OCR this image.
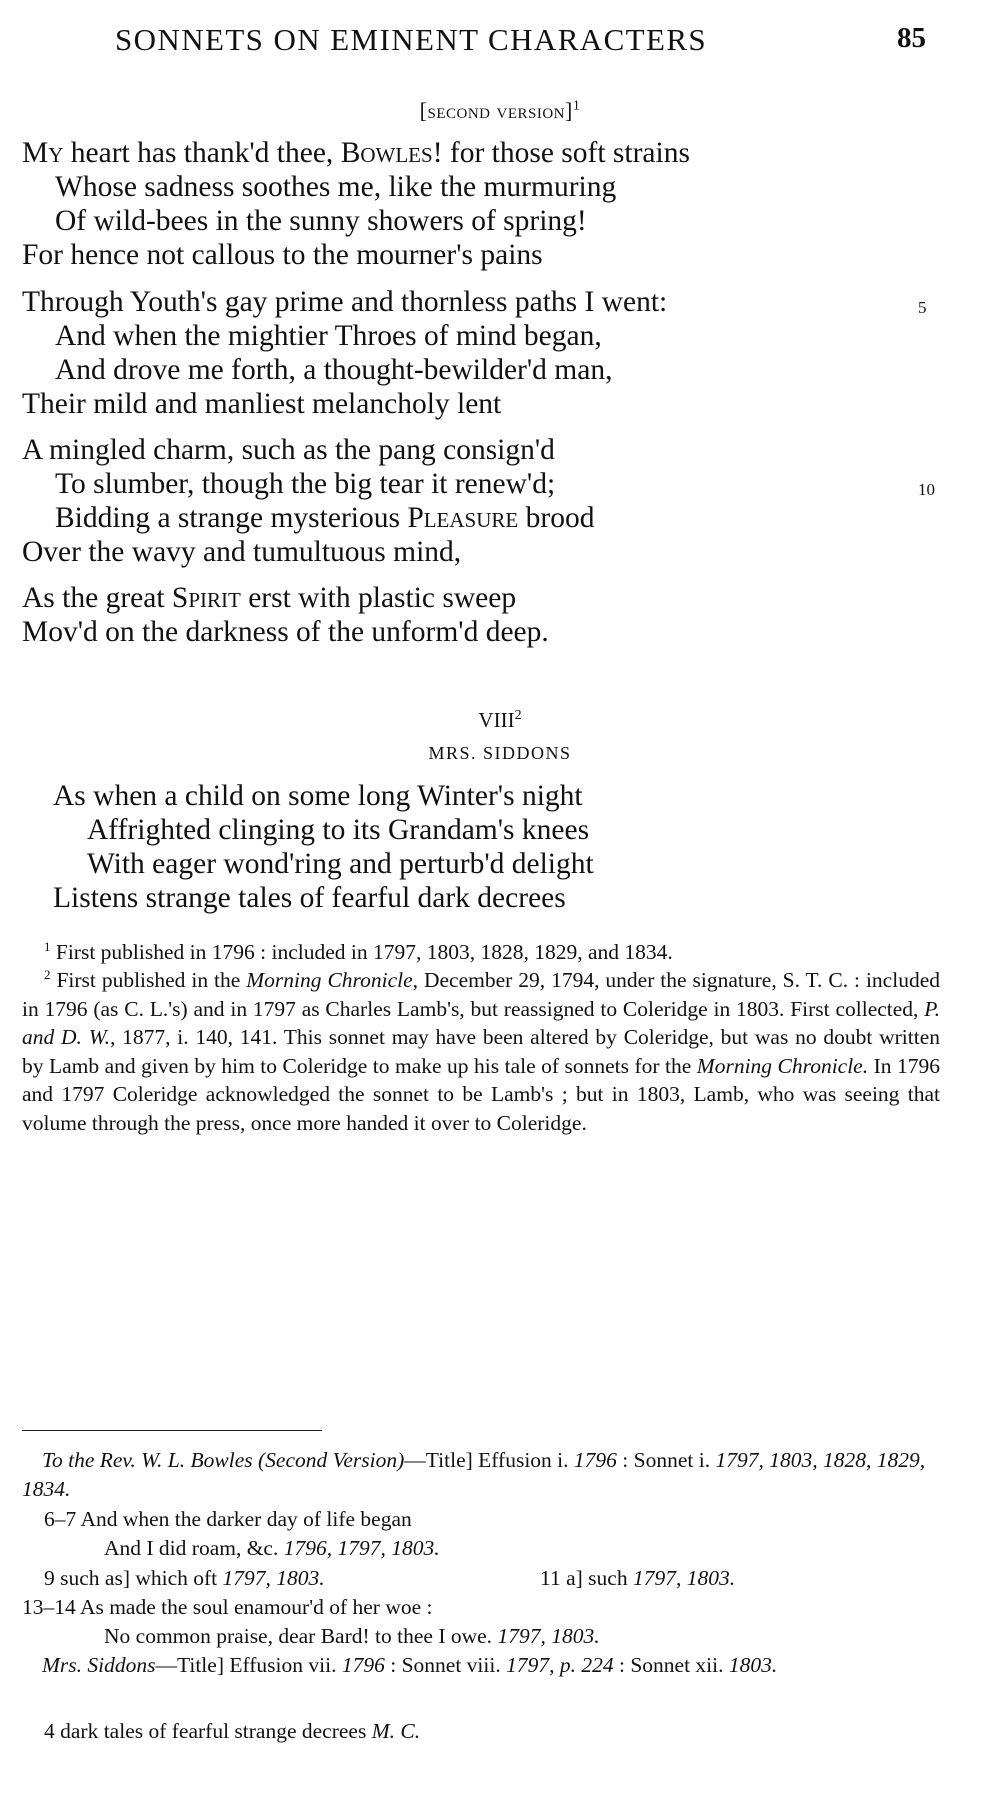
SONNETS ON EMINENT CHARACTERS	85
[second version]$^1$
My heart has thank'd thee, Bowles! for those soft strains
Whose sadness soothes me, like the murmuring
Of wild-bees in the sunny showers of spring!
For hence not callous to the mourner's pains
Through Youth's gay prime and thornless paths I went:	5
And when the mightier Throes of mind began,
And drove me forth, a thought-bewilder'd man,
Their mild and manliest melancholy lent
A mingled charm, such as the pang consign'd
To slumber, though the big tear it renew'd;	10
Bidding a strange mysterious Pleasure brood
Over the wavy and tumultuous mind,
As the great Spirit erst with plastic sweep
Mov'd on the darkness of the unform'd deep.
VIII$^2$
MRS. SIDDONS
As when a child on some long Winter's night
Affrighted clinging to its Grandam's knees
With eager wond'ring and perturb'd delight
Listens strange tales of fearful dark decrees
$^1$ First published in 1796 : included in 1797, 1803, 1828, 1829, and 1834.
$^2$ First published in the Morning Chronicle, December 29, 1794, under the signature, S. T. C. : included in 1796 (as C. L.'s) and in 1797 as Charles Lamb's, but reassigned to Coleridge in 1803. First collected, P. and D. W., 1877, i. 140, 141. This sonnet may have been altered by Coleridge, but was no doubt written by Lamb and given by him to Coleridge to make up his tale of sonnets for the Morning Chronicle. In 1796 and 1797 Coleridge acknowledged the sonnet to be Lamb's ; but in 1803, Lamb, who was seeing that volume through the press, once more handed it over to Coleridge.
To the Rev. W. L. Bowles (Second Version)—Title] Effusion i. 1796 : Sonnet i. 1797, 1803, 1828, 1829, 1834.
6–7 And when the darker day of life began
And I did roam, &c. 1796, 1797, 1803.
9 such as] which oft 1797, 1803.	11 a] such 1797, 1803.
13–14 As made the soul enamour'd of her woe :
No common praise, dear Bard! to thee I owe. 1797, 1803.
Mrs. Siddons—Title] Effusion vii. 1796 : Sonnet viii. 1797, p. 224 : Sonnet xii. 1803.
4 dark tales of fearful strange decrees M. C.
